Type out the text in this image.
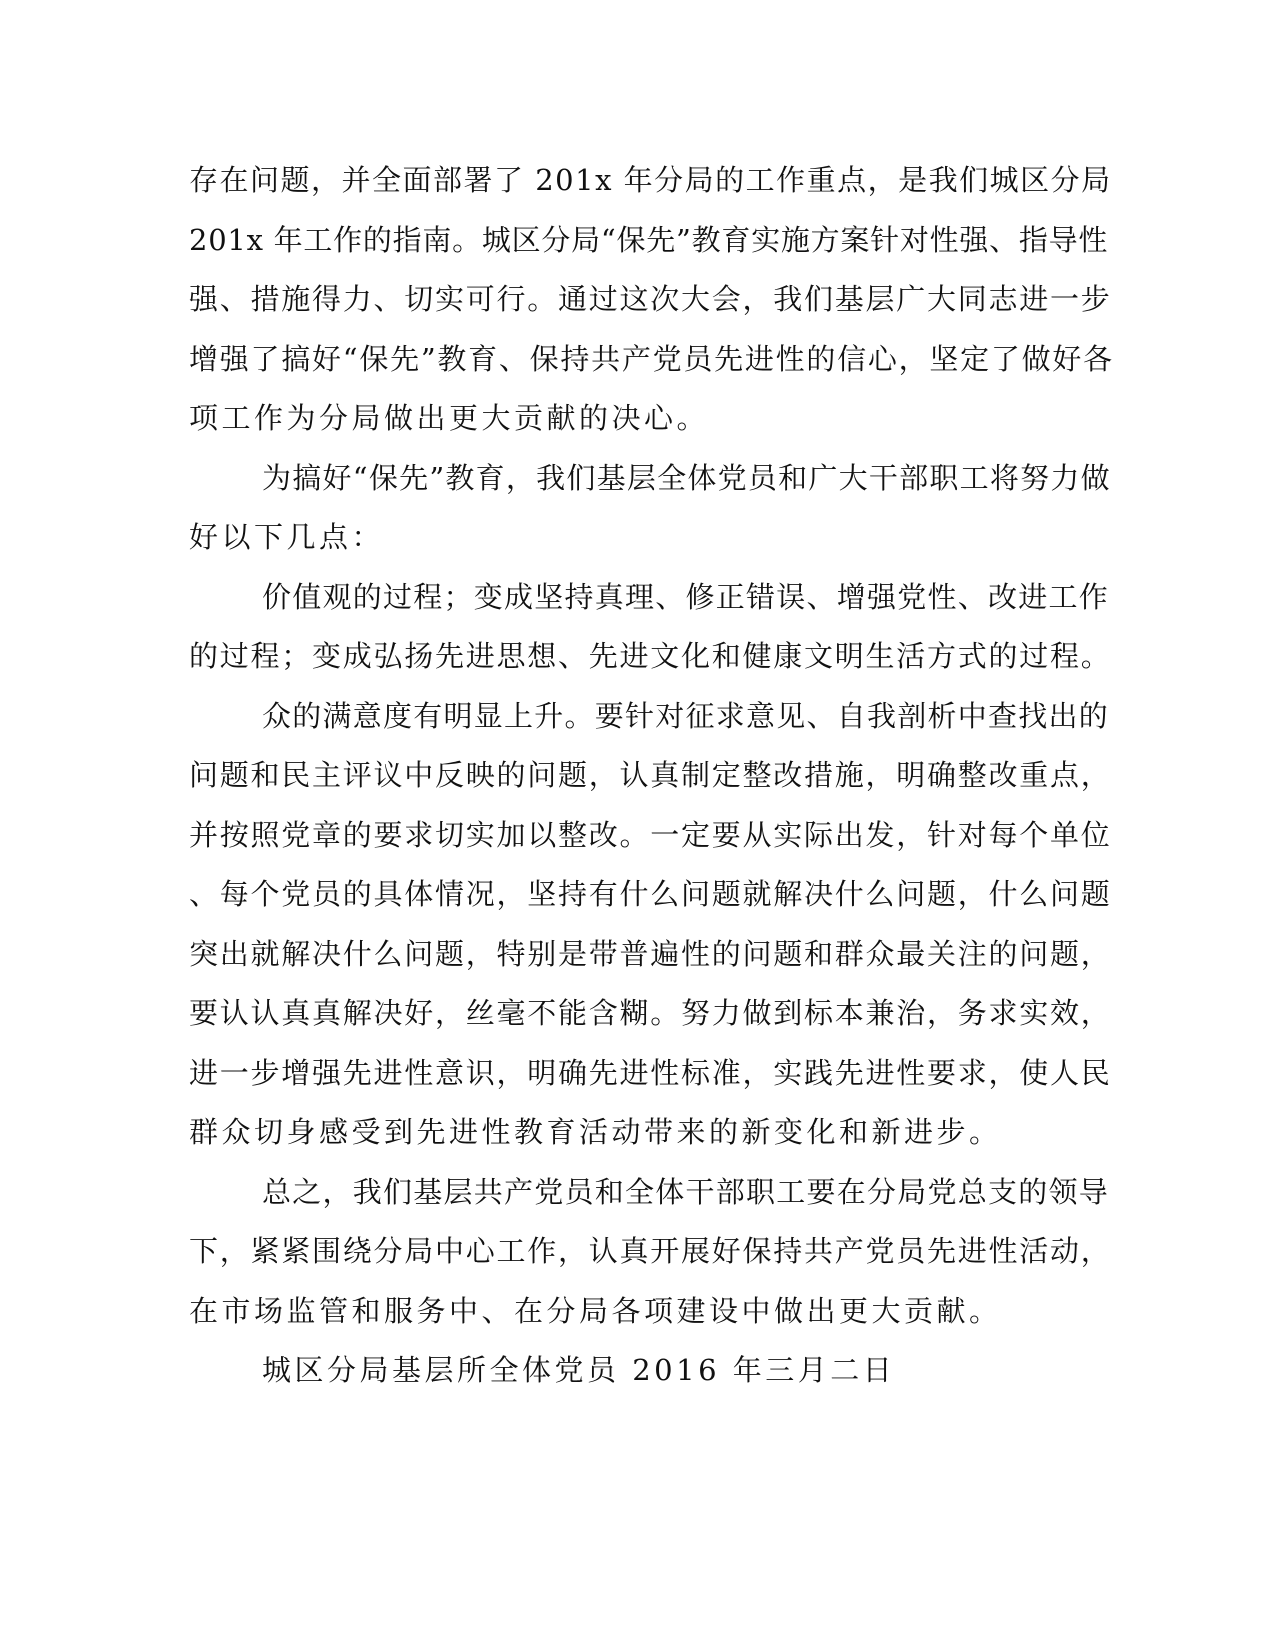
存在问题，并全面部署了 201x 年分局的工作重点，是我们城区分局
201x 年工作的指南。城区分局“保先”教育实施方案针对性强、指导性
强、措施得力、切实可行。通过这次大会，我们基层广大同志进一步
增强了搞好“保先”教育、保持共产党员先进性的信心，坚定了做好各
项工作为分局做出更大贡献的决心。
为搞好“保先”教育，我们基层全体党员和广大干部职工将努力做
好以下几点：
价值观的过程；变成坚持真理、修正错误、增强党性、改进工作
的过程；变成弘扬先进思想、先进文化和健康文明生活方式的过程。
众的满意度有明显上升。要针对征求意见、自我剖析中查找出的
问题和民主评议中反映的问题，认真制定整改措施，明确整改重点，
并按照党章的要求切实加以整改。一定要从实际出发，针对每个单位
、每个党员的具体情况，坚持有什么问题就解决什么问题，什么问题
突出就解决什么问题，特别是带普遍性的问题和群众最关注的问题，
要认认真真解决好，丝毫不能含糊。努力做到标本兼治，务求实效，
进一步增强先进性意识，明确先进性标准，实践先进性要求，使人民
群众切身感受到先进性教育活动带来的新变化和新进步。
总之，我们基层共产党员和全体干部职工要在分局党总支的领导
下，紧紧围绕分局中心工作，认真开展好保持共产党员先进性活动，
在市场监管和服务中、在分局各项建设中做出更大贡献。
城区分局基层所全体党员 2016 年三月二日
